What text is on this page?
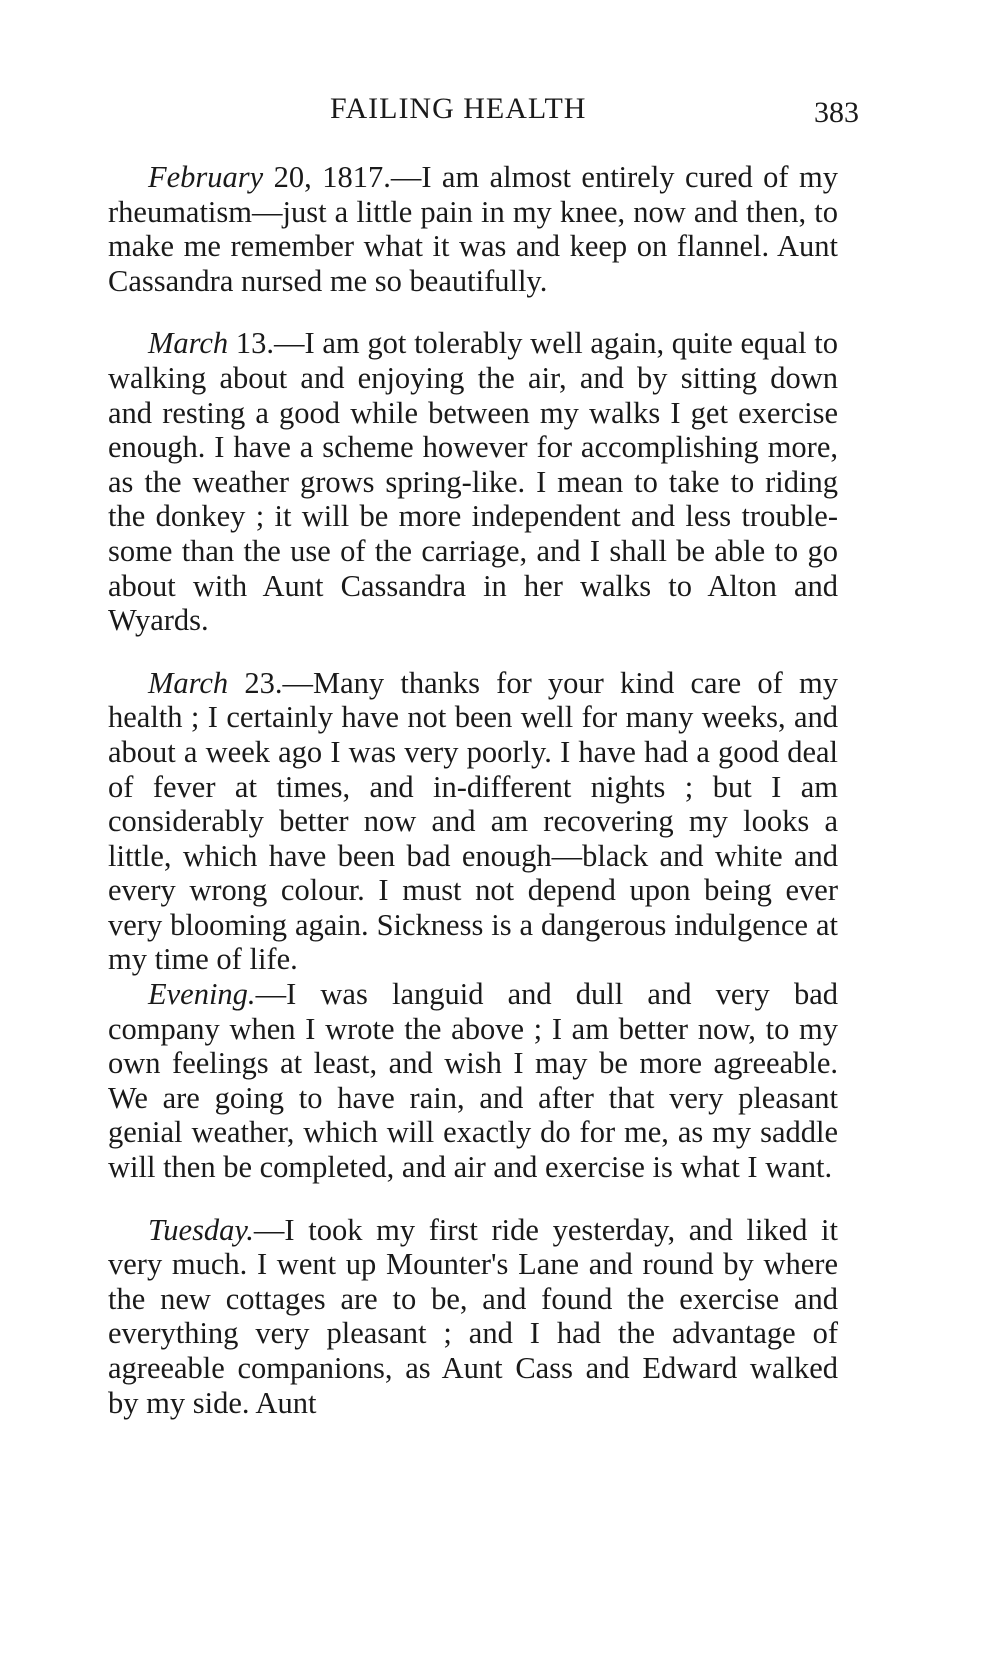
FAILING HEALTH	383

February 20, 1817.—I am almost entirely cured of my rheumatism—just a little pain in my knee, now and then, to make me remember what it was and keep on flannel. Aunt Cassandra nursed me so beautifully.

March 13.—I am got tolerably well again, quite equal to walking about and enjoying the air, and by sitting down and resting a good while between my walks I get exercise enough. I have a scheme however for accomplishing more, as the weather grows spring-like. I mean to take to riding the donkey ; it will be more independent and less trouble-some than the use of the carriage, and I shall be able to go about with Aunt Cassandra in her walks to Alton and Wyards.

March 23.—Many thanks for your kind care of my health ; I certainly have not been well for many weeks, and about a week ago I was very poorly. I have had a good deal of fever at times, and in-different nights ; but I am considerably better now and am recovering my looks a little, which have been bad enough—black and white and every wrong colour. I must not depend upon being ever very blooming again. Sickness is a dangerous indulgence at my time of life.

Evening.—I was languid and dull and very bad company when I wrote the above ; I am better now, to my own feelings at least, and wish I may be more agreeable. We are going to have rain, and after that very pleasant genial weather, which will exactly do for me, as my saddle will then be completed, and air and exercise is what I want.

Tuesday.—I took my first ride yesterday, and liked it very much. I went up Mounter's Lane and round by where the new cottages are to be, and found the exercise and everything very pleasant ; and I had the advantage of agreeable companions, as Aunt Cass and Edward walked by my side. Aunt
